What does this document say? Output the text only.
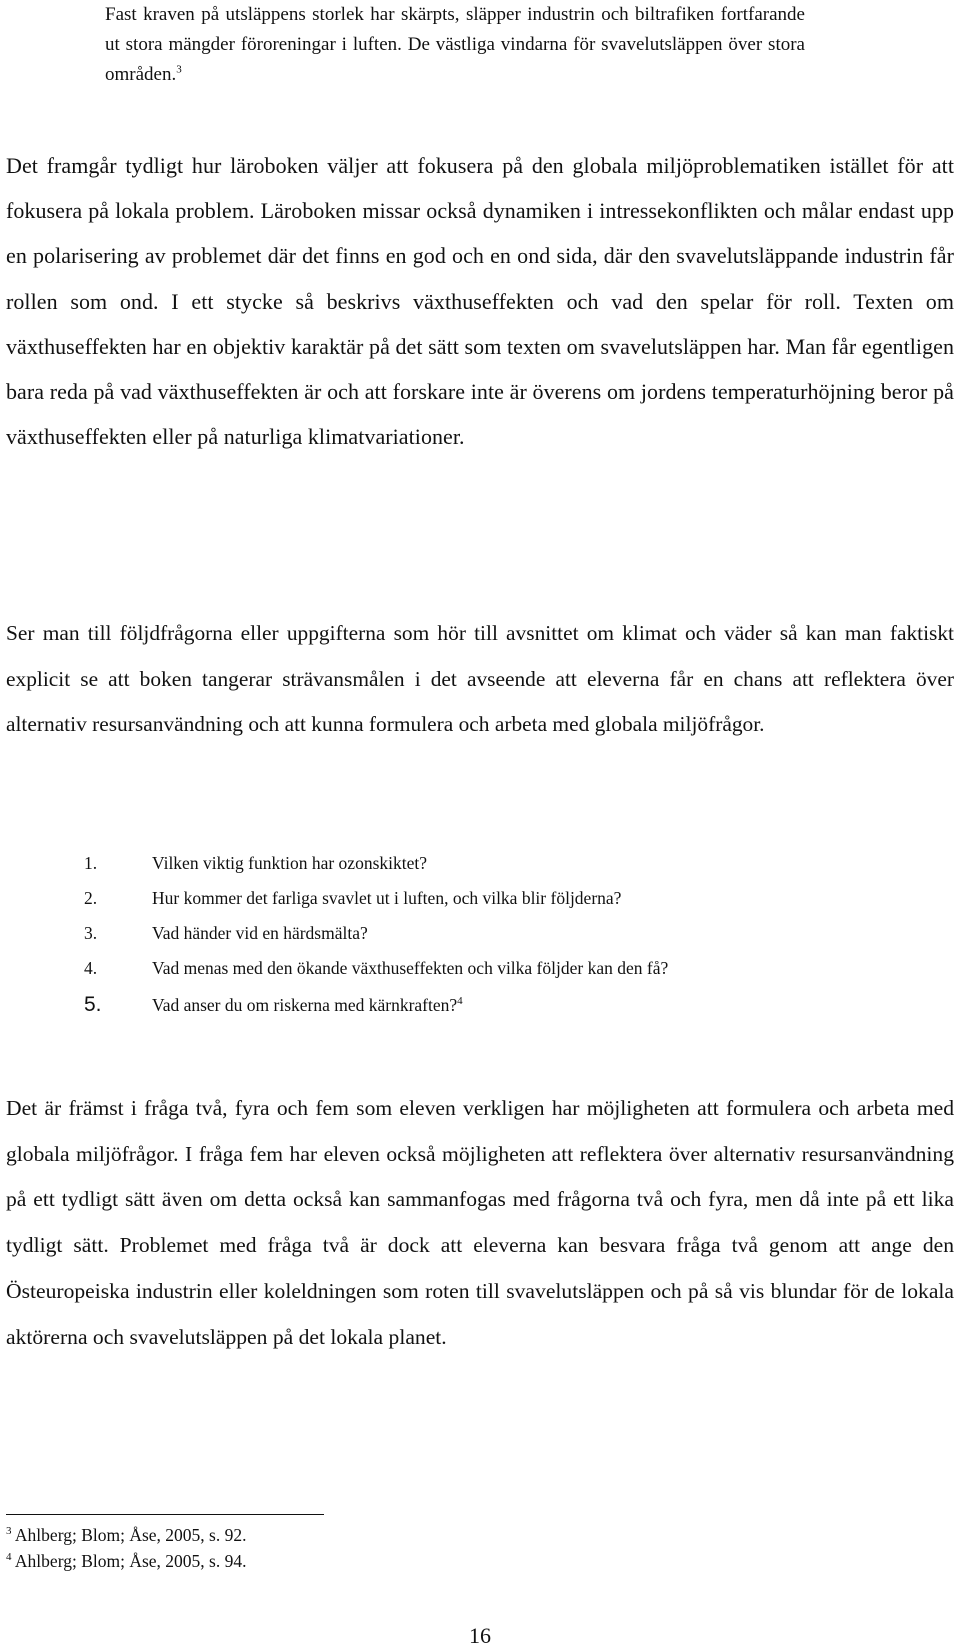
Fast kraven på utsläppens storlek har skärpts, släpper industrin och biltrafiken fortfarande ut stora mängder föroreningar i luften. De västliga vindarna för svavelutsläppen över stora områden.$^3$

Det framgår tydligt hur läroboken väljer att fokusera på den globala miljöproblematiken istället för att fokusera på lokala problem. Läroboken missar också dynamiken i intressekonflikten och målar endast upp en polarisering av problemet där det finns en god och en ond sida, där den svavelutsläppande industrin får rollen som ond. I ett stycke så beskrivs växthuseffekten och vad den spelar för roll. Texten om växthuseffekten har en objektiv karaktär på det sätt som texten om svavelutsläppen har. Man får egentligen bara reda på vad växthuseffekten är och att forskare inte är överens om jordens temperaturhöjning beror på växthuseffekten eller på naturliga klimatvariationer.

Ser man till följdfrågorna eller uppgifterna som hör till avsnittet om klimat och väder så kan man faktiskt explicit se att boken tangerar strävansmålen i det avseende att eleverna får en chans att reflektera över alternativ resursanvändning och att kunna formulera och arbeta med globala miljöfrågor.

1.	Vilken viktig funktion har ozonskiktet?
2.	Hur kommer det farliga svavlet ut i luften, och vilka blir följderna?
3.	Vad händer vid en härdsmälta?
4.	Vad menas med den ökande växthuseffekten och vilka följder kan den få?
5.	Vad anser du om riskerna med kärnkraften?$^4$

Det är främst i fråga två, fyra och fem som eleven verkligen har möjligheten att formulera och arbeta med globala miljöfrågor. I fråga fem har eleven också möjligheten att reflektera över alternativ resursanvändning på ett tydligt sätt även om detta också kan sammanfogas med frågorna två och fyra, men då inte på ett lika tydligt sätt. Problemet med fråga två är dock att eleverna kan besvara fråga två genom att ange den Östeuropeiska industrin eller koleldningen som roten till svavelutsläppen och på så vis blundar för de lokala aktörerna och svavelutsläppen på det lokala planet.

$^3$ Ahlberg; Blom; Åse, 2005, s. 92.
$^4$ Ahlberg; Blom; Åse, 2005, s. 94.
16
